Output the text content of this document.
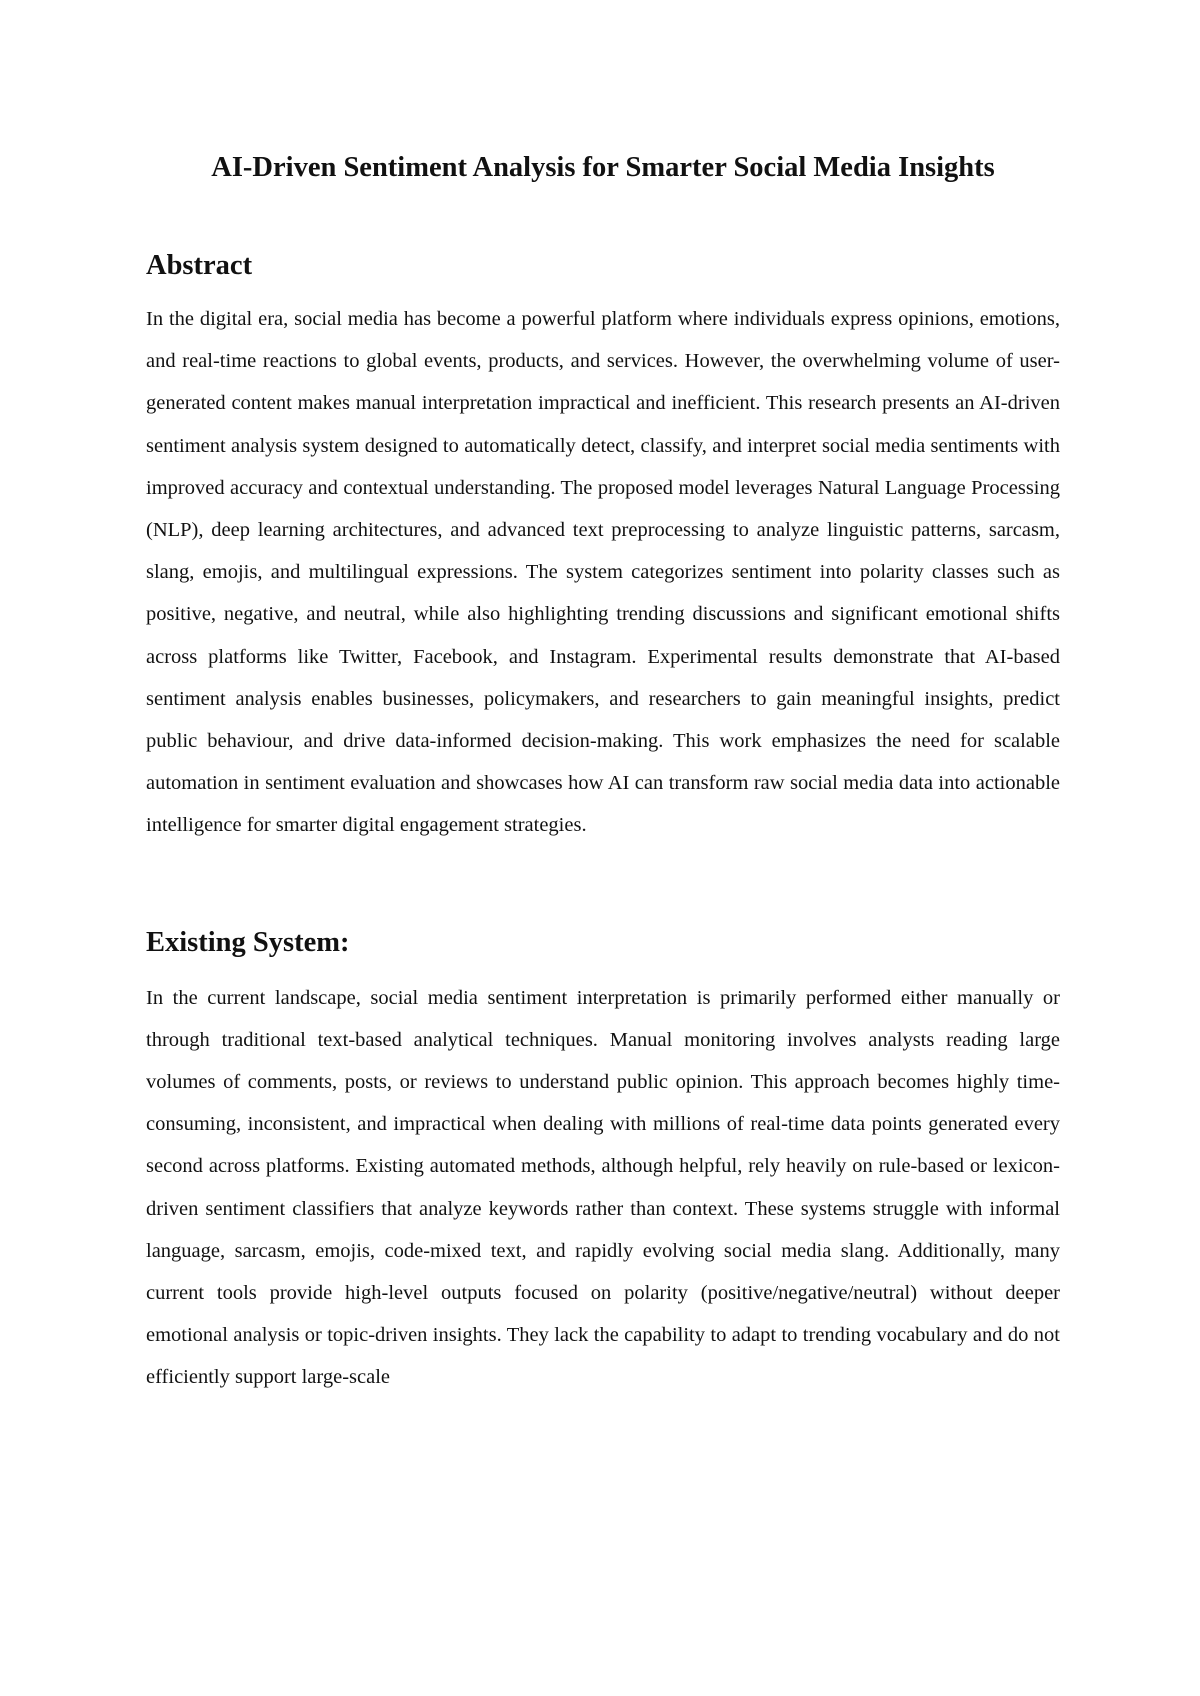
AI-Driven Sentiment Analysis for Smarter Social Media Insights
Abstract

In the digital era, social media has become a powerful platform where individuals express opinions, emotions, and real-time reactions to global events, products, and services. However, the overwhelming volume of user-generated content makes manual interpretation impractical and inefficient. This research presents an AI-driven sentiment analysis system designed to automatically detect, classify, and interpret social media sentiments with improved accuracy and contextual understanding. The proposed model leverages Natural Language Processing (NLP), deep learning architectures, and advanced text preprocessing to analyze linguistic patterns, sarcasm, slang, emojis, and multilingual expressions. The system categorizes sentiment into polarity classes such as positive, negative, and neutral, while also highlighting trending discussions and significant emotional shifts across platforms like Twitter, Facebook, and Instagram. Experimental results demonstrate that AI-based sentiment analysis enables businesses, policymakers, and researchers to gain meaningful insights, predict public behaviour, and drive data-informed decision-making. This work emphasizes the need for scalable automation in sentiment evaluation and showcases how AI can transform raw social media data into actionable intelligence for smarter digital engagement strategies.

Existing System:

In the current landscape, social media sentiment interpretation is primarily performed either manually or through traditional text-based analytical techniques. Manual monitoring involves analysts reading large volumes of comments, posts, or reviews to understand public opinion. This approach becomes highly time-consuming, inconsistent, and impractical when dealing with millions of real-time data points generated every second across platforms. Existing automated methods, although helpful, rely heavily on rule-based or lexicon-driven sentiment classifiers that analyze keywords rather than context. These systems struggle with informal language, sarcasm, emojis, code-mixed text, and rapidly evolving social media slang. Additionally, many current tools provide high-level outputs focused on polarity (positive/negative/neutral) without deeper emotional analysis or topic-driven insights. They lack the capability to adapt to trending vocabulary and do not efficiently support large-scale
